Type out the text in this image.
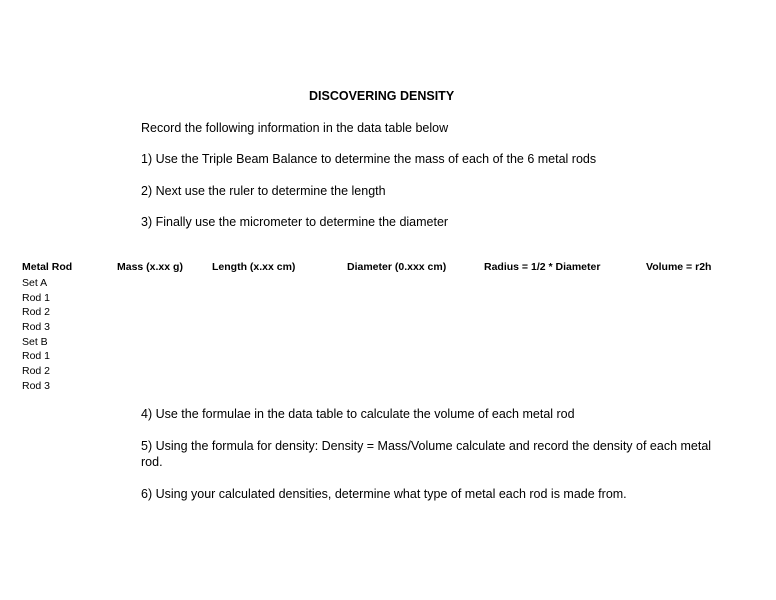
DISCOVERING DENSITY
Record the following information in the data table below
1) Use the Triple Beam Balance to determine the mass of each of the 6 metal rods
2) Next use the ruler to determine the length
3) Finally use the micrometer to determine the diameter
Metal Rod	Mass (x.xx g)	Length (x.xx cm)	Diameter (0.xxx cm)	Radius = 1/2 * Diameter	Volume = r2h
Set A
Rod 1
Rod 2
Rod 3
Set B
Rod 1
Rod 2
Rod 3
4) Use the formulae in the data table to calculate the volume of each metal rod
5) Using the formula for density: Density = Mass/Volume calculate and record the density of each metal rod.
6) Using your calculated densities, determine what type of metal each rod is made from.
